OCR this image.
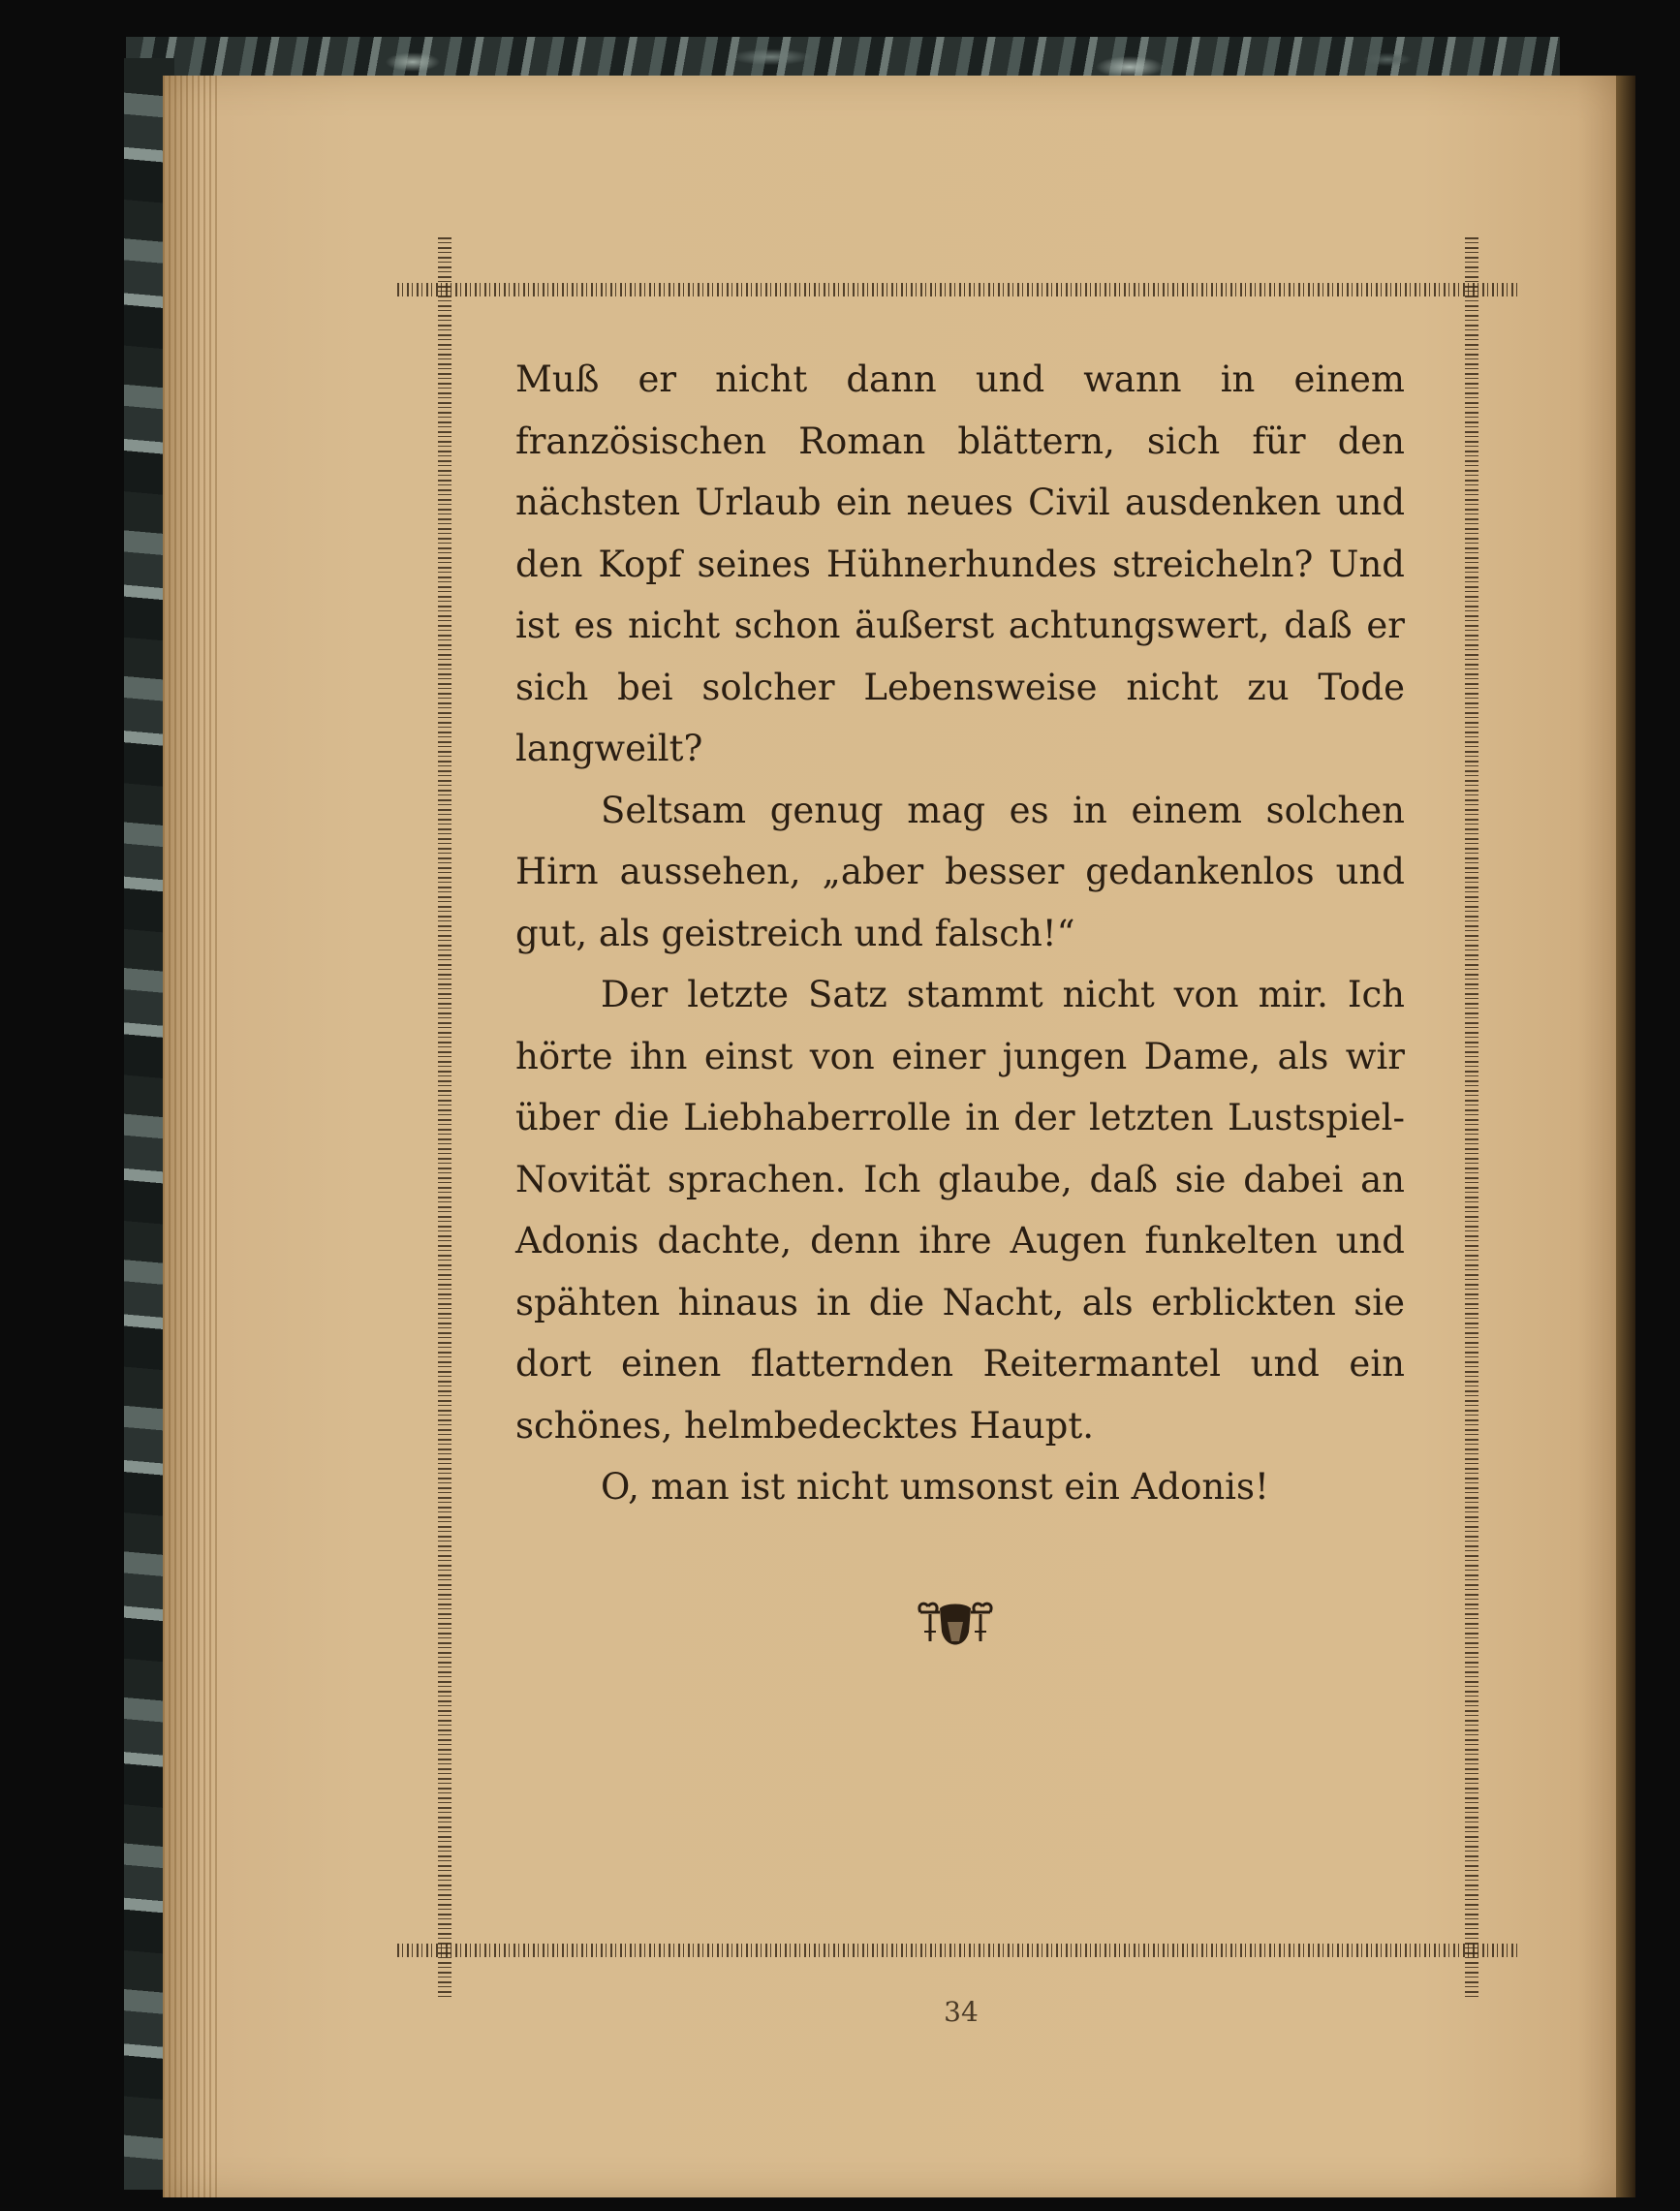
Muß er nicht dann und wann in einem französischen Roman blättern, sich für den nächsten Urlaub ein neues Civil ausdenken und den Kopf seines Hühnerhundes streicheln? Und ist es nicht schon äußerst achtungswert, daß er sich bei solcher Lebensweise nicht zu Tode langweilt?

Seltsam genug mag es in einem solchen Hirn aussehen, „aber besser gedankenlos und gut, als geistreich und falsch!“

Der letzte Satz stammt nicht von mir. Ich hörte ihn einst von einer jungen Dame, als wir über die Liebhaberrolle in der letzten Lustspiel-Novität sprachen. Ich glaube, daß sie dabei an Adonis dachte, denn ihre Augen funkelten und spähten hinaus in die Nacht, als erblickten sie dort einen flatternden Reitermantel und ein schönes, helmbedecktes Haupt.

O, man ist nicht umsonst ein Adonis!

34
